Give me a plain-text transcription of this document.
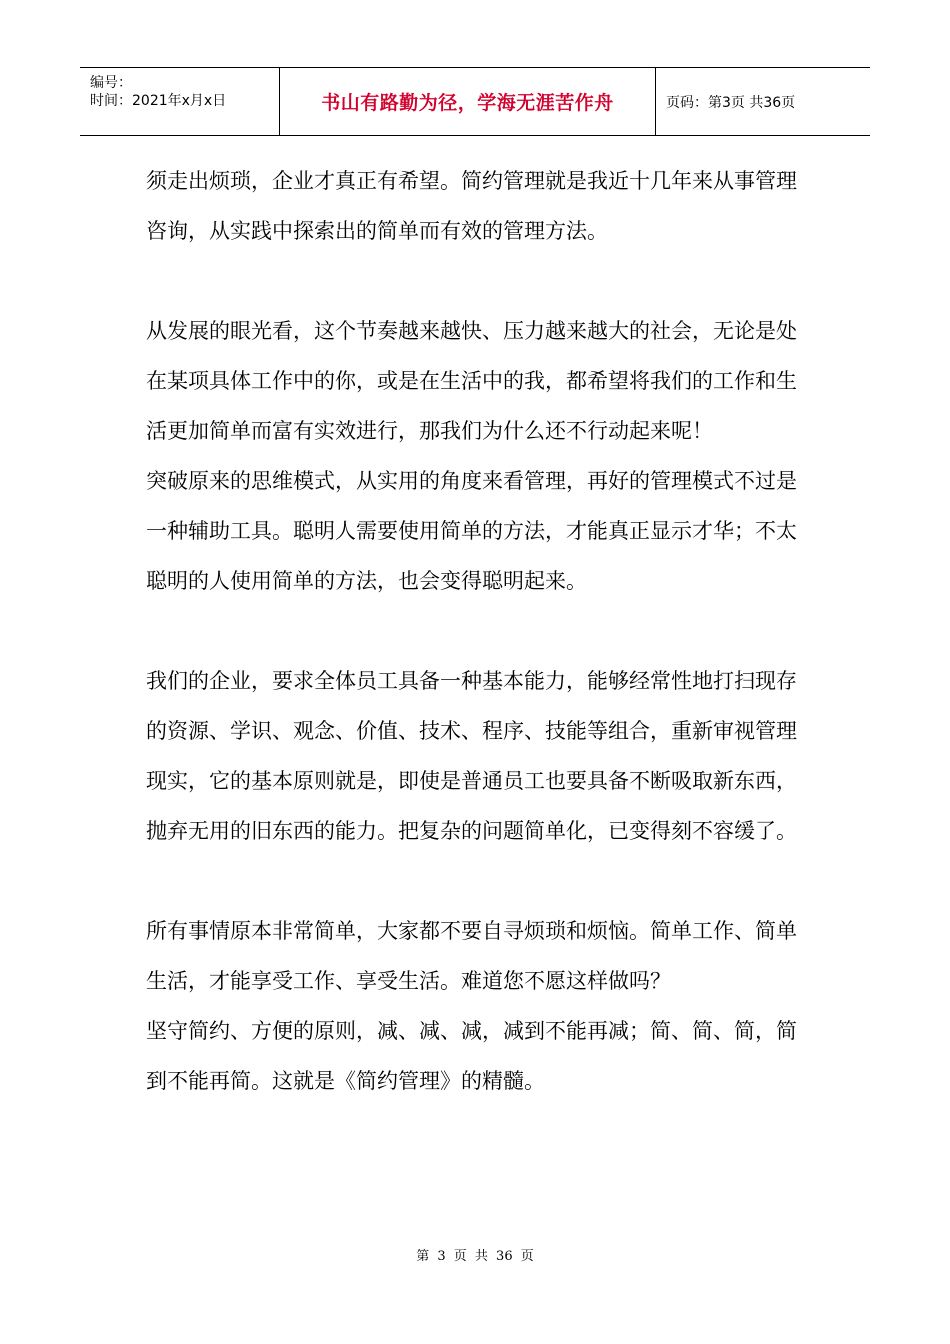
编号：
时间：2021年x月x日	书山有路勤为径，学海无涯苦作舟	页码：第3页 共36页

须走出烦琐，企业才真正有希望。简约管理就是我近十几年来从事管理咨询，从实践中探索出的简单而有效的管理方法。

从发展的眼光看，这个节奏越来越快、压力越来越大的社会，无论是处在某项具体工作中的你，或是在生活中的我，都希望将我们的工作和生活更加简单而富有实效进行，那我们为什么还不行动起来呢！

突破原来的思维模式，从实用的角度来看管理，再好的管理模式不过是一种辅助工具。聪明人需要使用简单的方法，才能真正显示才华；不太聪明的人使用简单的方法，也会变得聪明起来。

我们的企业，要求全体员工具备一种基本能力，能够经常性地打扫现存的资源、学识、观念、价值、技术、程序、技能等组合，重新审视管理现实，它的基本原则就是，即使是普通员工也要具备不断吸取新东西，抛弃无用的旧东西的能力。把复杂的问题简单化，已变得刻不容缓了。

所有事情原本非常简单，大家都不要自寻烦琐和烦恼。简单工作、简单生活，才能享受工作、享受生活。难道您不愿这样做吗？

坚守简约、方便的原则，减、减、减，减到不能再减；简、简、简，简到不能再简。这就是《简约管理》的精髓。

第 3 页 共 36 页
